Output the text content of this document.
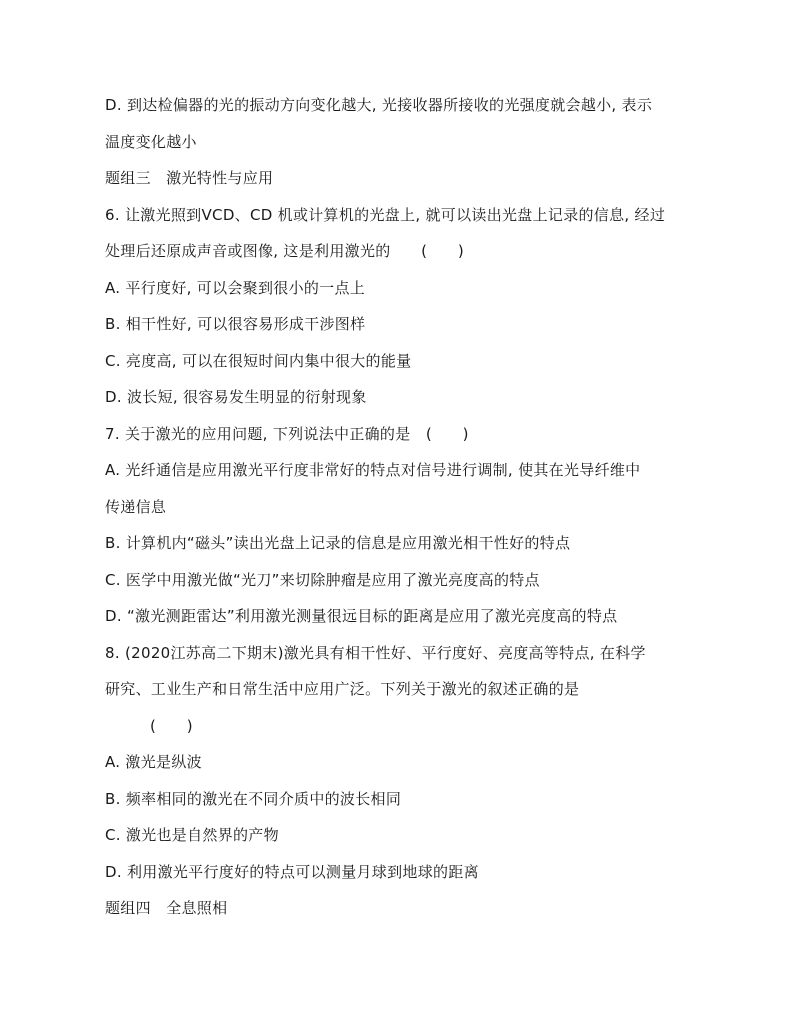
D. 到达检偏器的光的振动方向变化越大, 光接收器所接收的光强度就会越小, 表示
温度变化越小
题组三　激光特性与应用
6. 让激光照到VCD、CD 机或计算机的光盘上, 就可以读出光盘上记录的信息, 经过
处理后还原成声音或图像, 这是利用激光的　　(　　)
A. 平行度好, 可以会聚到很小的一点上
B. 相干性好, 可以很容易形成干涉图样
C. 亮度高, 可以在很短时间内集中很大的能量
D. 波长短, 很容易发生明显的衍射现象
7. 关于激光的应用问题, 下列说法中正确的是　(　　)
A. 光纤通信是应用激光平行度非常好的特点对信号进行调制, 使其在光导纤维中
传递信息
B. 计算机内“磁头”读出光盘上记录的信息是应用激光相干性好的特点
C. 医学中用激光做“光刀”来切除肿瘤是应用了激光亮度高的特点
D. “激光测距雷达”利用激光测量很远目标的距离是应用了激光亮度高的特点
8. (2020江苏高二下期末)激光具有相干性好、平行度好、亮度高等特点, 在科学
研究、工业生产和日常生活中应用广泛。下列关于激光的叙述正确的是
(　　)
A. 激光是纵波
B. 频率相同的激光在不同介质中的波长相同
C. 激光也是自然界的产物
D. 利用激光平行度好的特点可以测量月球到地球的距离
题组四　全息照相
